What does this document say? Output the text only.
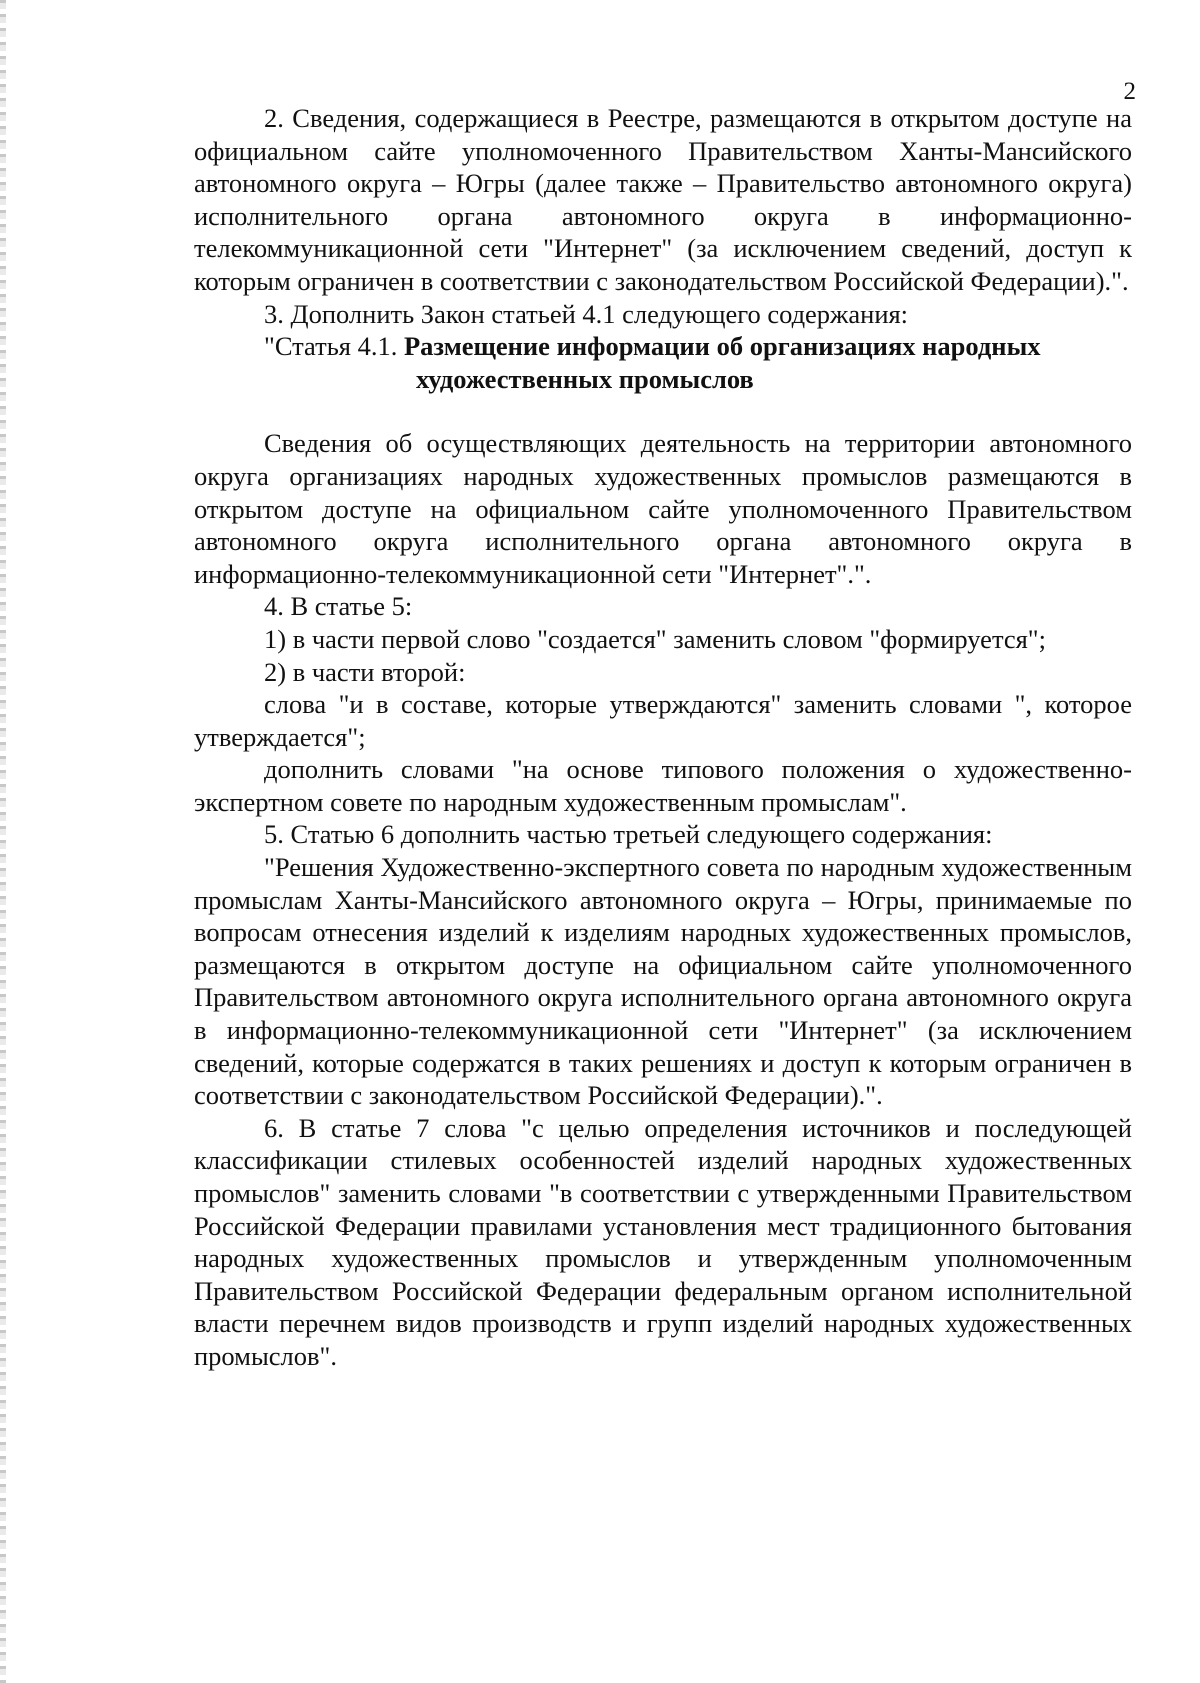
2

2. Сведения, содержащиеся в Реестре, размещаются в открытом доступе на официальном сайте уполномоченного Правительством Ханты-Мансийского автономного округа – Югры (далее также – Правительство автономного округа) исполнительного органа автономного округа в информационно-телекоммуникационной сети "Интернет" (за исключением сведений, доступ к которым ограничен в соответствии с законодательством Российской Федерации).".

3. Дополнить Закон статьей 4.1 следующего содержания:

"Статья 4.1. Размещение информации об организациях народных
художественных промыслов

Сведения об осуществляющих деятельность на территории автономного округа организациях народных художественных промыслов размещаются в открытом доступе на официальном сайте уполномоченного Правительством автономного округа исполнительного органа автономного округа в информационно-телекоммуникационной сети "Интернет".".

4. В статье 5:

1) в части первой слово "создается" заменить словом "формируется";

2) в части второй:

слова "и в составе, которые утверждаются" заменить словами ", которое утверждается";

дополнить словами "на основе типового положения о художественно-экспертном совете по народным художественным промыслам".

5. Статью 6 дополнить частью третьей следующего содержания:

"Решения Художественно-экспертного совета по народным художественным промыслам Ханты-Мансийского автономного округа – Югры, принимаемые по вопросам отнесения изделий к изделиям народных художественных промыслов, размещаются в открытом доступе на официальном сайте уполномоченного Правительством автономного округа исполнительного органа автономного округа в информационно-телекоммуникационной сети "Интернет" (за исключением сведений, которые содержатся в таких решениях и доступ к которым ограничен в соответствии с законодательством Российской Федерации).".

6. В статье 7 слова "с целью определения источников и последующей классификации стилевых особенностей изделий народных художественных промыслов" заменить словами "в соответствии с утвержденными Правительством Российской Федерации правилами установления мест традиционного бытования народных художественных промыслов и утвержденным уполномоченным Правительством Российской Федерации федеральным органом исполнительной власти перечнем видов производств и групп изделий народных художественных промыслов".
